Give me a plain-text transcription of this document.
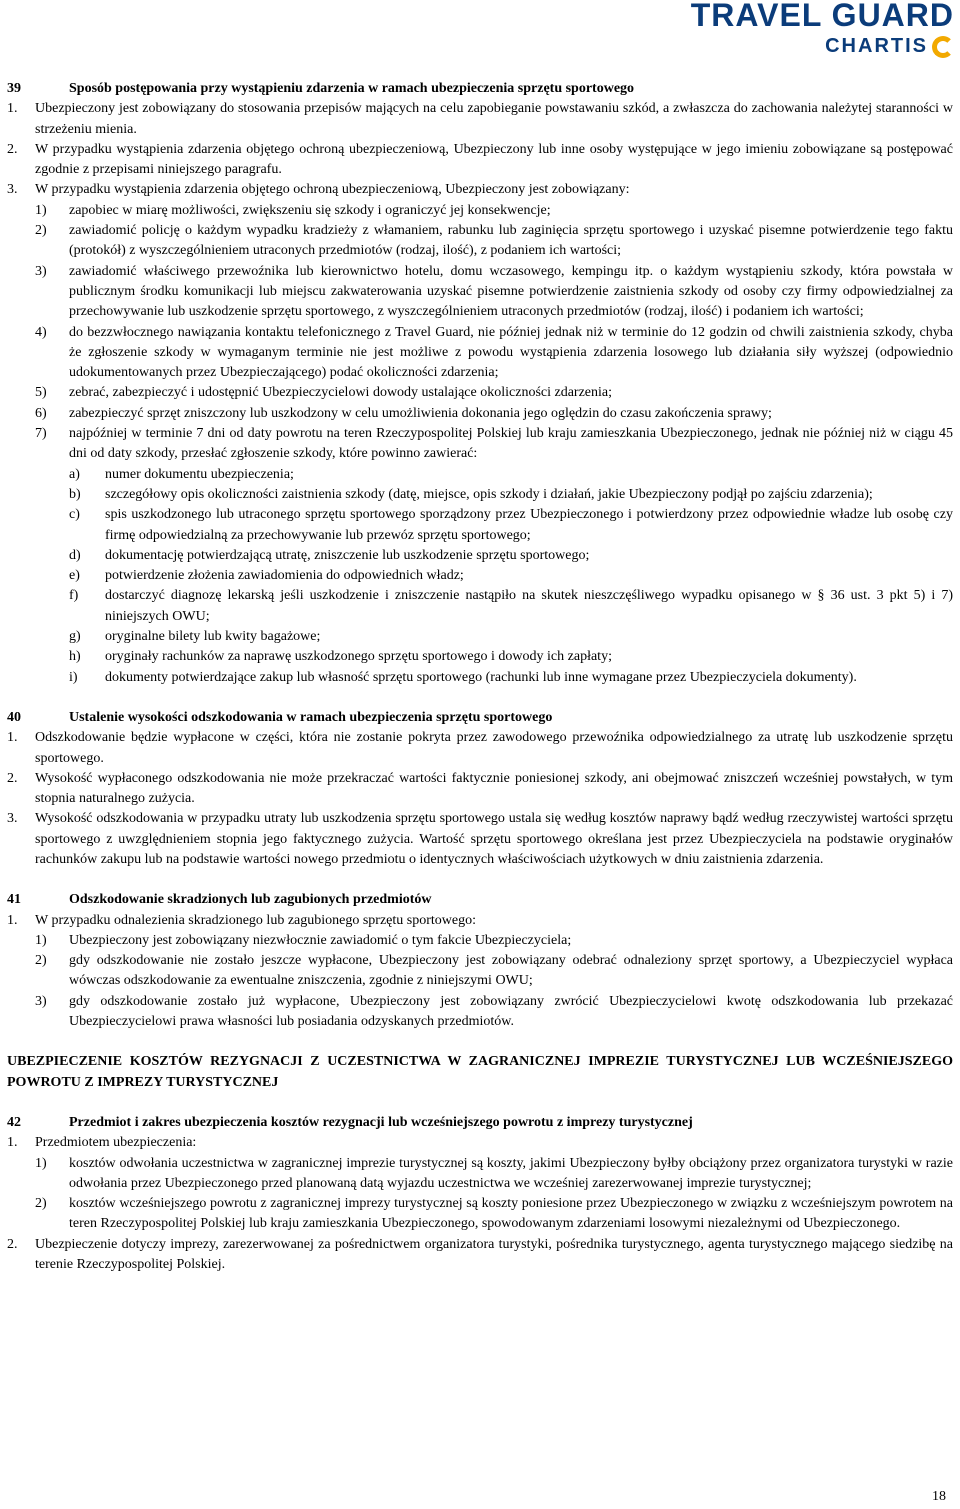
TRAVEL GUARD
CHARTIS
39	Sposób postępowania przy wystąpieniu zdarzenia w ramach ubezpieczenia sprzętu sportowego
1.	Ubezpieczony jest zobowiązany do stosowania przepisów mających na celu zapobieganie powstawaniu szkód, a zwłaszcza do zachowania należytej staranności w strzeżeniu mienia.
2.	W przypadku wystąpienia zdarzenia objętego ochroną ubezpieczeniową, Ubezpieczony lub inne osoby występujące w jego imieniu zobowiązane są postępować zgodnie z przepisami niniejszego paragrafu.
3.	W przypadku wystąpienia zdarzenia objętego ochroną ubezpieczeniową, Ubezpieczony jest zobowiązany:
1)	zapobiec w miarę możliwości, zwiększeniu się szkody i ograniczyć jej konsekwencje;
2)	zawiadomić policję o każdym wypadku kradzieży z włamaniem, rabunku lub zaginięcia sprzętu sportowego i uzyskać pisemne potwierdzenie tego faktu (protokół) z wyszczególnieniem utraconych przedmiotów (rodzaj, ilość), z podaniem ich wartości;
3)	zawiadomić właściwego przewoźnika lub kierownictwo hotelu, domu wczasowego, kempingu itp. o każdym wystąpieniu szkody, która powstała w publicznym środku komunikacji lub miejscu zakwaterowania uzyskać pisemne potwierdzenie zaistnienia szkody od osoby czy firmy odpowiedzialnej za przechowywanie lub uszkodzenie sprzętu sportowego, z wyszczególnieniem utraconych przedmiotów (rodzaj, ilość) i podaniem ich wartości;
4)	do bezzwłocznego nawiązania kontaktu telefonicznego z Travel Guard, nie później jednak niż w terminie do 12 godzin od chwili zaistnienia szkody, chyba że zgłoszenie szkody w wymaganym terminie nie jest możliwe z powodu wystąpienia zdarzenia losowego lub działania siły wyższej (odpowiednio udokumentowanych przez Ubezpieczającego) podać okoliczności zdarzenia;
5)	zebrać, zabezpieczyć i udostępnić Ubezpieczycielowi dowody ustalające okoliczności zdarzenia;
6)	zabezpieczyć sprzęt zniszczony lub uszkodzony w celu umożliwienia dokonania jego oględzin do czasu zakończenia sprawy;
7)	najpóźniej w terminie 7 dni od daty powrotu na teren Rzeczypospolitej Polskiej lub kraju zamieszkania Ubezpieczonego, jednak nie później niż w ciągu 45 dni od daty szkody, przesłać zgłoszenie szkody, które powinno zawierać:
a)	numer dokumentu ubezpieczenia;
b)	szczegółowy opis okoliczności zaistnienia szkody (datę, miejsce, opis szkody i działań, jakie Ubezpieczony podjął po zajściu zdarzenia);
c)	spis uszkodzonego lub utraconego sprzętu sportowego sporządzony przez Ubezpieczonego i potwierdzony przez odpowiednie władze lub osobę czy firmę odpowiedzialną za przechowywanie lub przewóz sprzętu sportowego;
d)	dokumentację potwierdzającą utratę, zniszczenie lub uszkodzenie sprzętu sportowego;
e)	potwierdzenie złożenia zawiadomienia do odpowiednich władz;
f)	dostarczyć diagnozę lekarską jeśli uszkodzenie i zniszczenie nastąpiło na skutek nieszczęśliwego wypadku opisanego w § 36 ust. 3 pkt 5) i 7) niniejszych OWU;
g)	oryginalne bilety lub kwity bagażowe;
h)	oryginały rachunków za naprawę uszkodzonego sprzętu sportowego i dowody ich zapłaty;
i)	dokumenty potwierdzające zakup lub własność sprzętu sportowego (rachunki lub inne wymagane przez Ubezpieczyciela dokumenty).
40	Ustalenie wysokości odszkodowania w ramach ubezpieczenia sprzętu sportowego
1.	Odszkodowanie będzie wypłacone w części, która nie zostanie pokryta przez zawodowego przewoźnika odpowiedzialnego za utratę lub uszkodzenie sprzętu sportowego.
2.	Wysokość wypłaconego odszkodowania nie może przekraczać wartości faktycznie poniesionej szkody, ani obejmować zniszczeń wcześniej powstałych, w tym stopnia naturalnego zużycia.
3.	Wysokość odszkodowania w przypadku utraty lub uszkodzenia sprzętu sportowego ustala się według kosztów naprawy bądź według rzeczywistej wartości sprzętu sportowego z uwzględnieniem stopnia jego faktycznego zużycia. Wartość sprzętu sportowego określana jest przez Ubezpieczyciela na podstawie oryginałów rachunków zakupu lub na podstawie wartości nowego przedmiotu o identycznych właściwościach użytkowych w dniu zaistnienia zdarzenia.
41	Odszkodowanie skradzionych lub zagubionych przedmiotów
1.	W przypadku odnalezienia skradzionego lub zagubionego sprzętu sportowego:
1)	Ubezpieczony jest zobowiązany niezwłocznie zawiadomić o tym fakcie Ubezpieczyciela;
2)	gdy odszkodowanie nie zostało jeszcze wypłacone, Ubezpieczony jest zobowiązany odebrać odnaleziony sprzęt sportowy, a Ubezpieczyciel wypłaca wówczas odszkodowanie za ewentualne zniszczenia, zgodnie z niniejszymi OWU;
3)	gdy odszkodowanie zostało już wypłacone, Ubezpieczony jest zobowiązany zwrócić Ubezpieczycielowi kwotę odszkodowania lub przekazać Ubezpieczycielowi prawa własności lub posiadania odzyskanych przedmiotów.
UBEZPIECZENIE KOSZTÓW REZYGNACJI Z UCZESTNICTWA W ZAGRANICZNEJ IMPREZIE TURYSTYCZNEJ LUB WCZEŚNIEJSZEGO POWROTU Z IMPREZY TURYSTYCZNEJ
42	Przedmiot i zakres ubezpieczenia kosztów rezygnacji lub wcześniejszego powrotu z imprezy turystycznej
1.	Przedmiotem ubezpieczenia:
1)	kosztów odwołania uczestnictwa w zagranicznej imprezie turystycznej są koszty, jakimi Ubezpieczony byłby obciążony przez organizatora turystyki w razie odwołania przez Ubezpieczonego przed planowaną datą wyjazdu uczestnictwa we wcześniej zarezerwowanej imprezie turystycznej;
2)	kosztów wcześniejszego powrotu z zagranicznej imprezy turystycznej są koszty poniesione przez Ubezpieczonego w związku z wcześniejszym powrotem na teren Rzeczypospolitej Polskiej lub kraju zamieszkania Ubezpieczonego, spowodowanym zdarzeniami losowymi niezależnymi od Ubezpieczonego.
2.	Ubezpieczenie dotyczy imprezy, zarezerwowanej za pośrednictwem organizatora turystyki, pośrednika turystycznego, agenta turystycznego mającego siedzibę na terenie Rzeczypospolitej Polskiej.
18
